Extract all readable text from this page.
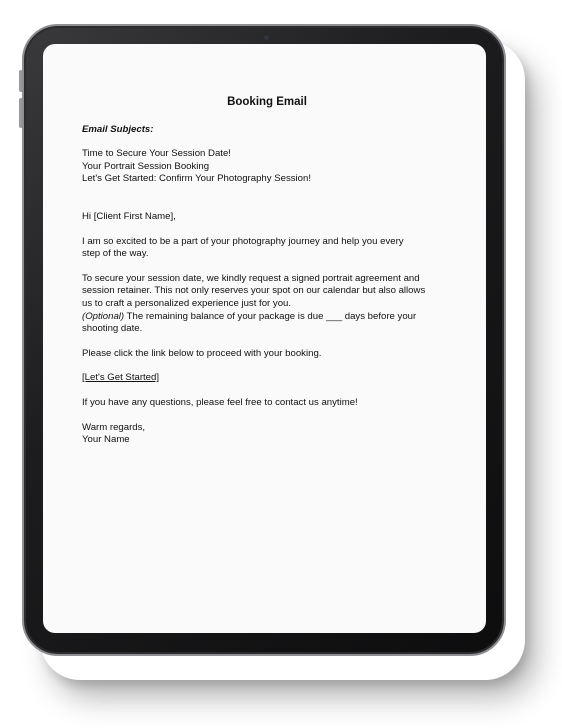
Booking Email
Email Subjects:
Time to Secure Your Session Date!
Your Portrait Session Booking
Let's Get Started: Confirm Your Photography Session!
Hi [Client First Name],
I am so excited to be a part of your photography journey and help you every
step of the way.
To secure your session date, we kindly request a signed portrait agreement and
session retainer. This not only reserves your spot on our calendar but also allows
us to craft a personalized experience just for you.
(Optional) The remaining balance of your package is due ___ days before your
shooting date.
Please click the link below to proceed with your booking.
[Let's Get Started]
If you have any questions, please feel free to contact us anytime!
Warm regards,
Your Name
